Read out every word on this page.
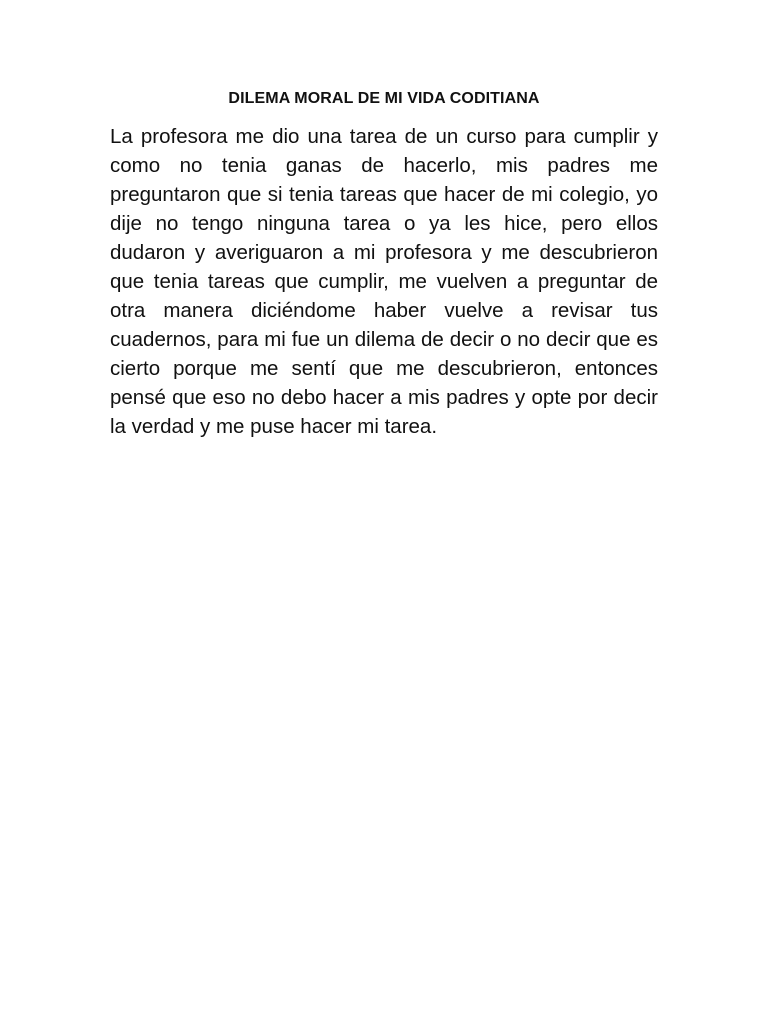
DILEMA MORAL DE MI VIDA CODITIANA
La profesora me dio una tarea de un curso para cumplir y como no tenia ganas de hacerlo, mis padres me preguntaron que si tenia tareas que hacer de mi colegio, yo dije no tengo ninguna tarea o ya les hice, pero ellos dudaron y averiguaron a mi profesora y me descubrieron que tenia tareas que cumplir, me vuelven a preguntar de otra manera diciéndome haber vuelve a revisar tus cuadernos, para mi fue un dilema de decir o no decir que es cierto porque me sentí que me descubrieron, entonces pensé que eso no debo hacer a mis padres y opte por decir la verdad y me puse hacer mi tarea.
